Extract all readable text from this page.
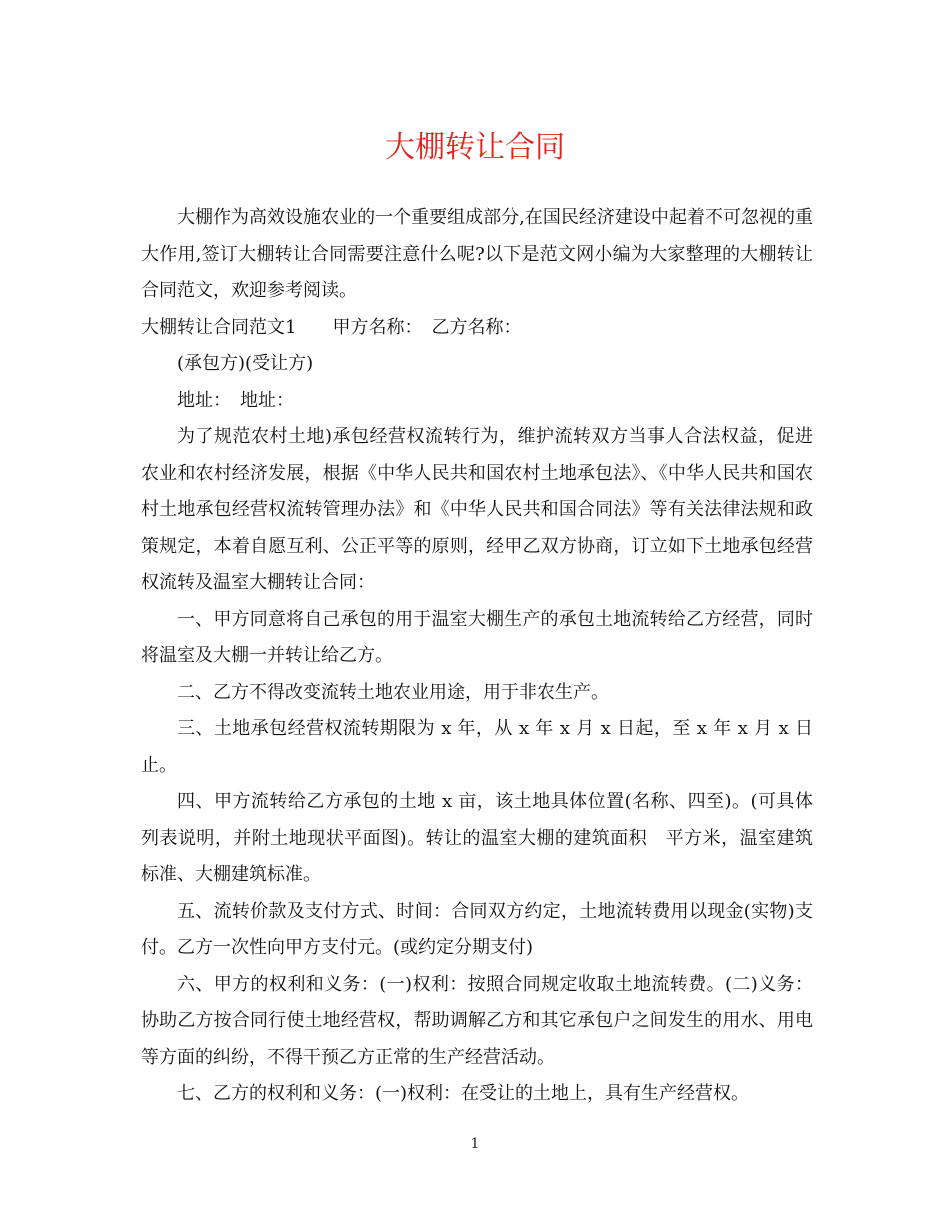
大棚转让合同

大棚作为高效设施农业的一个重要组成部分,在国民经济建设中起着不可忽视的重大作用,签订大棚转让合同需要注意什么呢?以下是范文网小编为大家整理的大棚转让合同范文，欢迎参考阅读。

大棚转让合同范文1　　甲方名称：　乙方名称：

(承包方)(受让方)

地址：　地址：

为了规范农村土地)承包经营权流转行为，维护流转双方当事人合法权益，促进农业和农村经济发展，根据《中华人民共和国农村土地承包法》、《中华人民共和国农村土地承包经营权流转管理办法》和《中华人民共和国合同法》等有关法律法规和政策规定，本着自愿互利、公正平等的原则，经甲乙双方协商，订立如下土地承包经营权流转及温室大棚转让合同：

一、甲方同意将自己承包的用于温室大棚生产的承包土地流转给乙方经营，同时将温室及大棚一并转让给乙方。

二、乙方不得改变流转土地农业用途，用于非农生产。

三、土地承包经营权流转期限为 x 年，从 x 年 x 月 x 日起，至 x 年 x 月 x 日止。

四、甲方流转给乙方承包的土地 x 亩，该土地具体位置(名称、四至)。(可具体列表说明，并附土地现状平面图)。转让的温室大棚的建筑面积　平方米，温室建筑标准、大棚建筑标准。

五、流转价款及支付方式、时间：合同双方约定，土地流转费用以现金(实物)支付。乙方一次性向甲方支付元。(或约定分期支付)

六、甲方的权利和义务：(一)权利：按照合同规定收取土地流转费。(二)义务：协助乙方按合同行使土地经营权，帮助调解乙方和其它承包户之间发生的用水、用电等方面的纠纷，不得干预乙方正常的生产经营活动。

七、乙方的权利和义务：(一)权利：在受让的土地上，具有生产经营权。

1
